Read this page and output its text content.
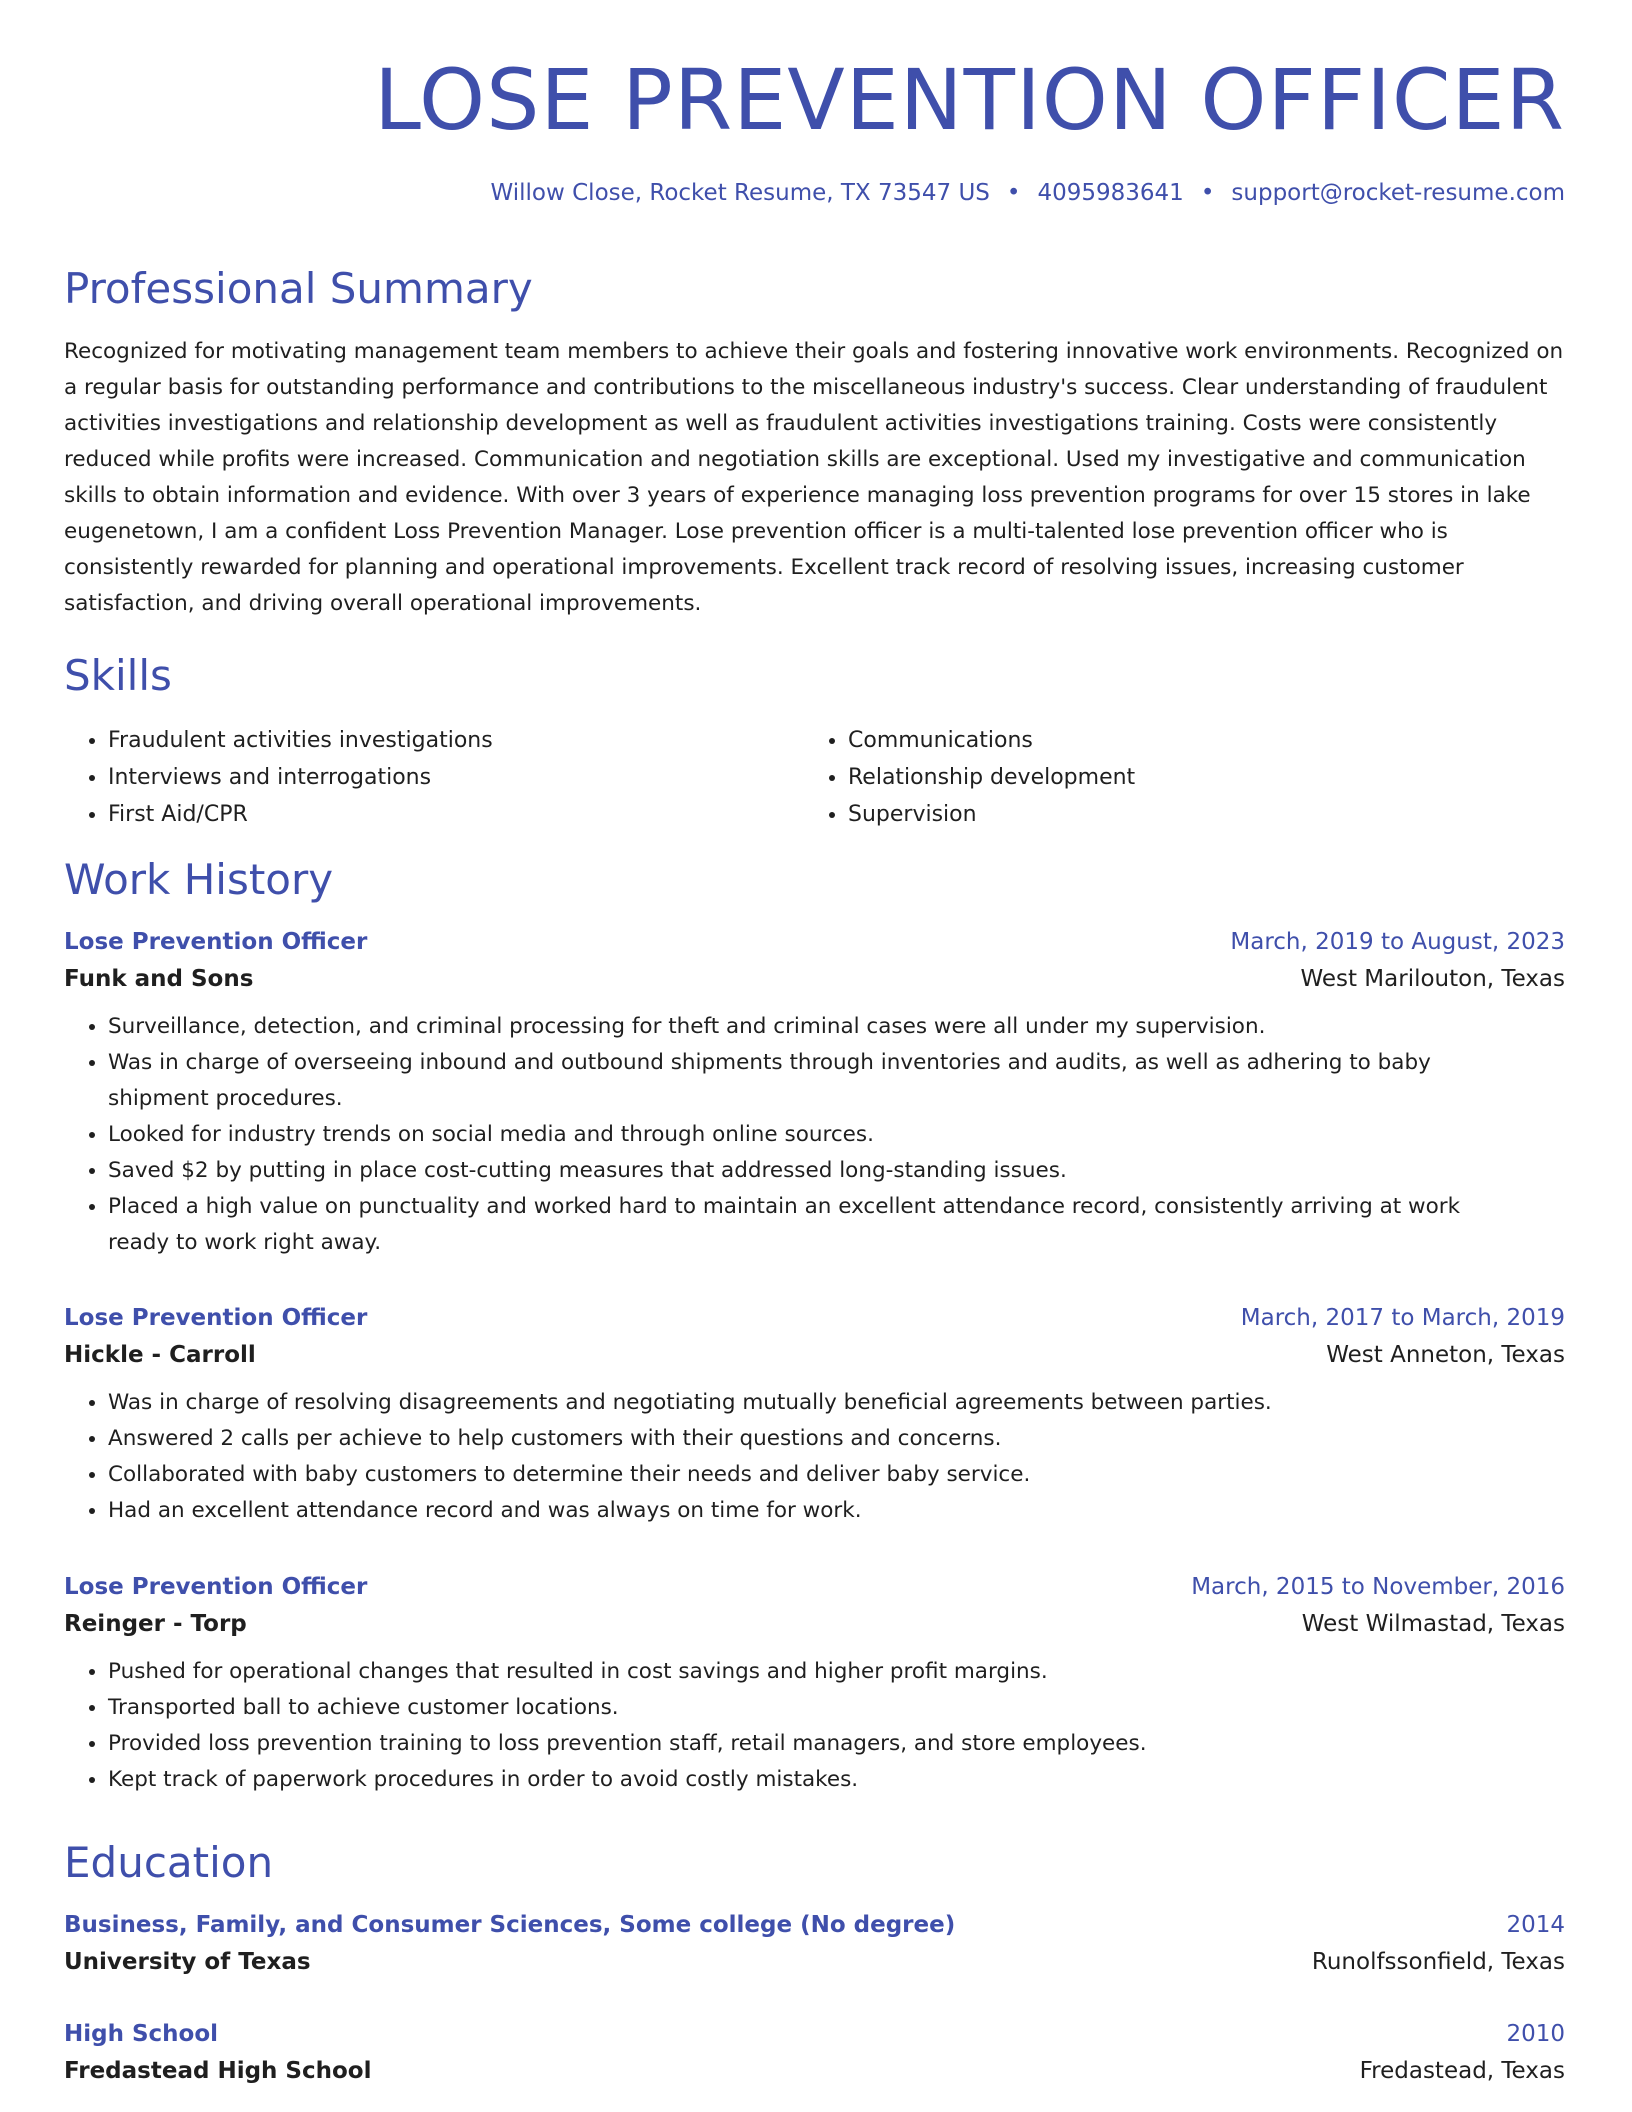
LOSE PREVENTION OFFICER
Willow Close, Rocket Resume, TX 73547 US • 4095983641 • support@rocket-resume.com
Professional Summary

Recognized for motivating management team members to achieve their goals and fostering innovative work environments. Recognized on a regular basis for outstanding performance and contributions to the miscellaneous industry's success. Clear understanding of fraudulent activities investigations and relationship development as well as fraudulent activities investigations training. Costs were consistently reduced while profits were increased. Communication and negotiation skills are exceptional. Used my investigative and communication skills to obtain information and evidence. With over 3 years of experience managing loss prevention programs for over 15 stores in lake eugenetown, I am a confident Loss Prevention Manager. Lose prevention officer is a multi-talented lose prevention officer who is consistently rewarded for planning and operational improvements. Excellent track record of resolving issues, increasing customer satisfaction, and driving overall operational improvements.

Skills
• Fraudulent activities investigations
• Interviews and interrogations
• First Aid/CPR
• Communications
• Relationship development
• Supervision
Work History
Lose Prevention Officer	March, 2019 to August, 2023
Funk and Sons	West Marilouton, Texas
• Surveillance, detection, and criminal processing for theft and criminal cases were all under my supervision.
• Was in charge of overseeing inbound and outbound shipments through inventories and audits, as well as adhering to baby shipment procedures.
• Looked for industry trends on social media and through online sources.
• Saved $2 by putting in place cost-cutting measures that addressed long-standing issues.
• Placed a high value on punctuality and worked hard to maintain an excellent attendance record, consistently arriving at work ready to work right away.
Lose Prevention Officer	March, 2017 to March, 2019
Hickle - Carroll	West Anneton, Texas
• Was in charge of resolving disagreements and negotiating mutually beneficial agreements between parties.
• Answered 2 calls per achieve to help customers with their questions and concerns.
• Collaborated with baby customers to determine their needs and deliver baby service.
• Had an excellent attendance record and was always on time for work.
Lose Prevention Officer	March, 2015 to November, 2016
Reinger - Torp	West Wilmastad, Texas
• Pushed for operational changes that resulted in cost savings and higher profit margins.
• Transported ball to achieve customer locations.
• Provided loss prevention training to loss prevention staff, retail managers, and store employees.
• Kept track of paperwork procedures in order to avoid costly mistakes.
Education
Business, Family, and Consumer Sciences, Some college (No degree)	2014
University of Texas	Runolfssonfield, Texas
High School	2010
Fredastead High School	Fredastead, Texas
